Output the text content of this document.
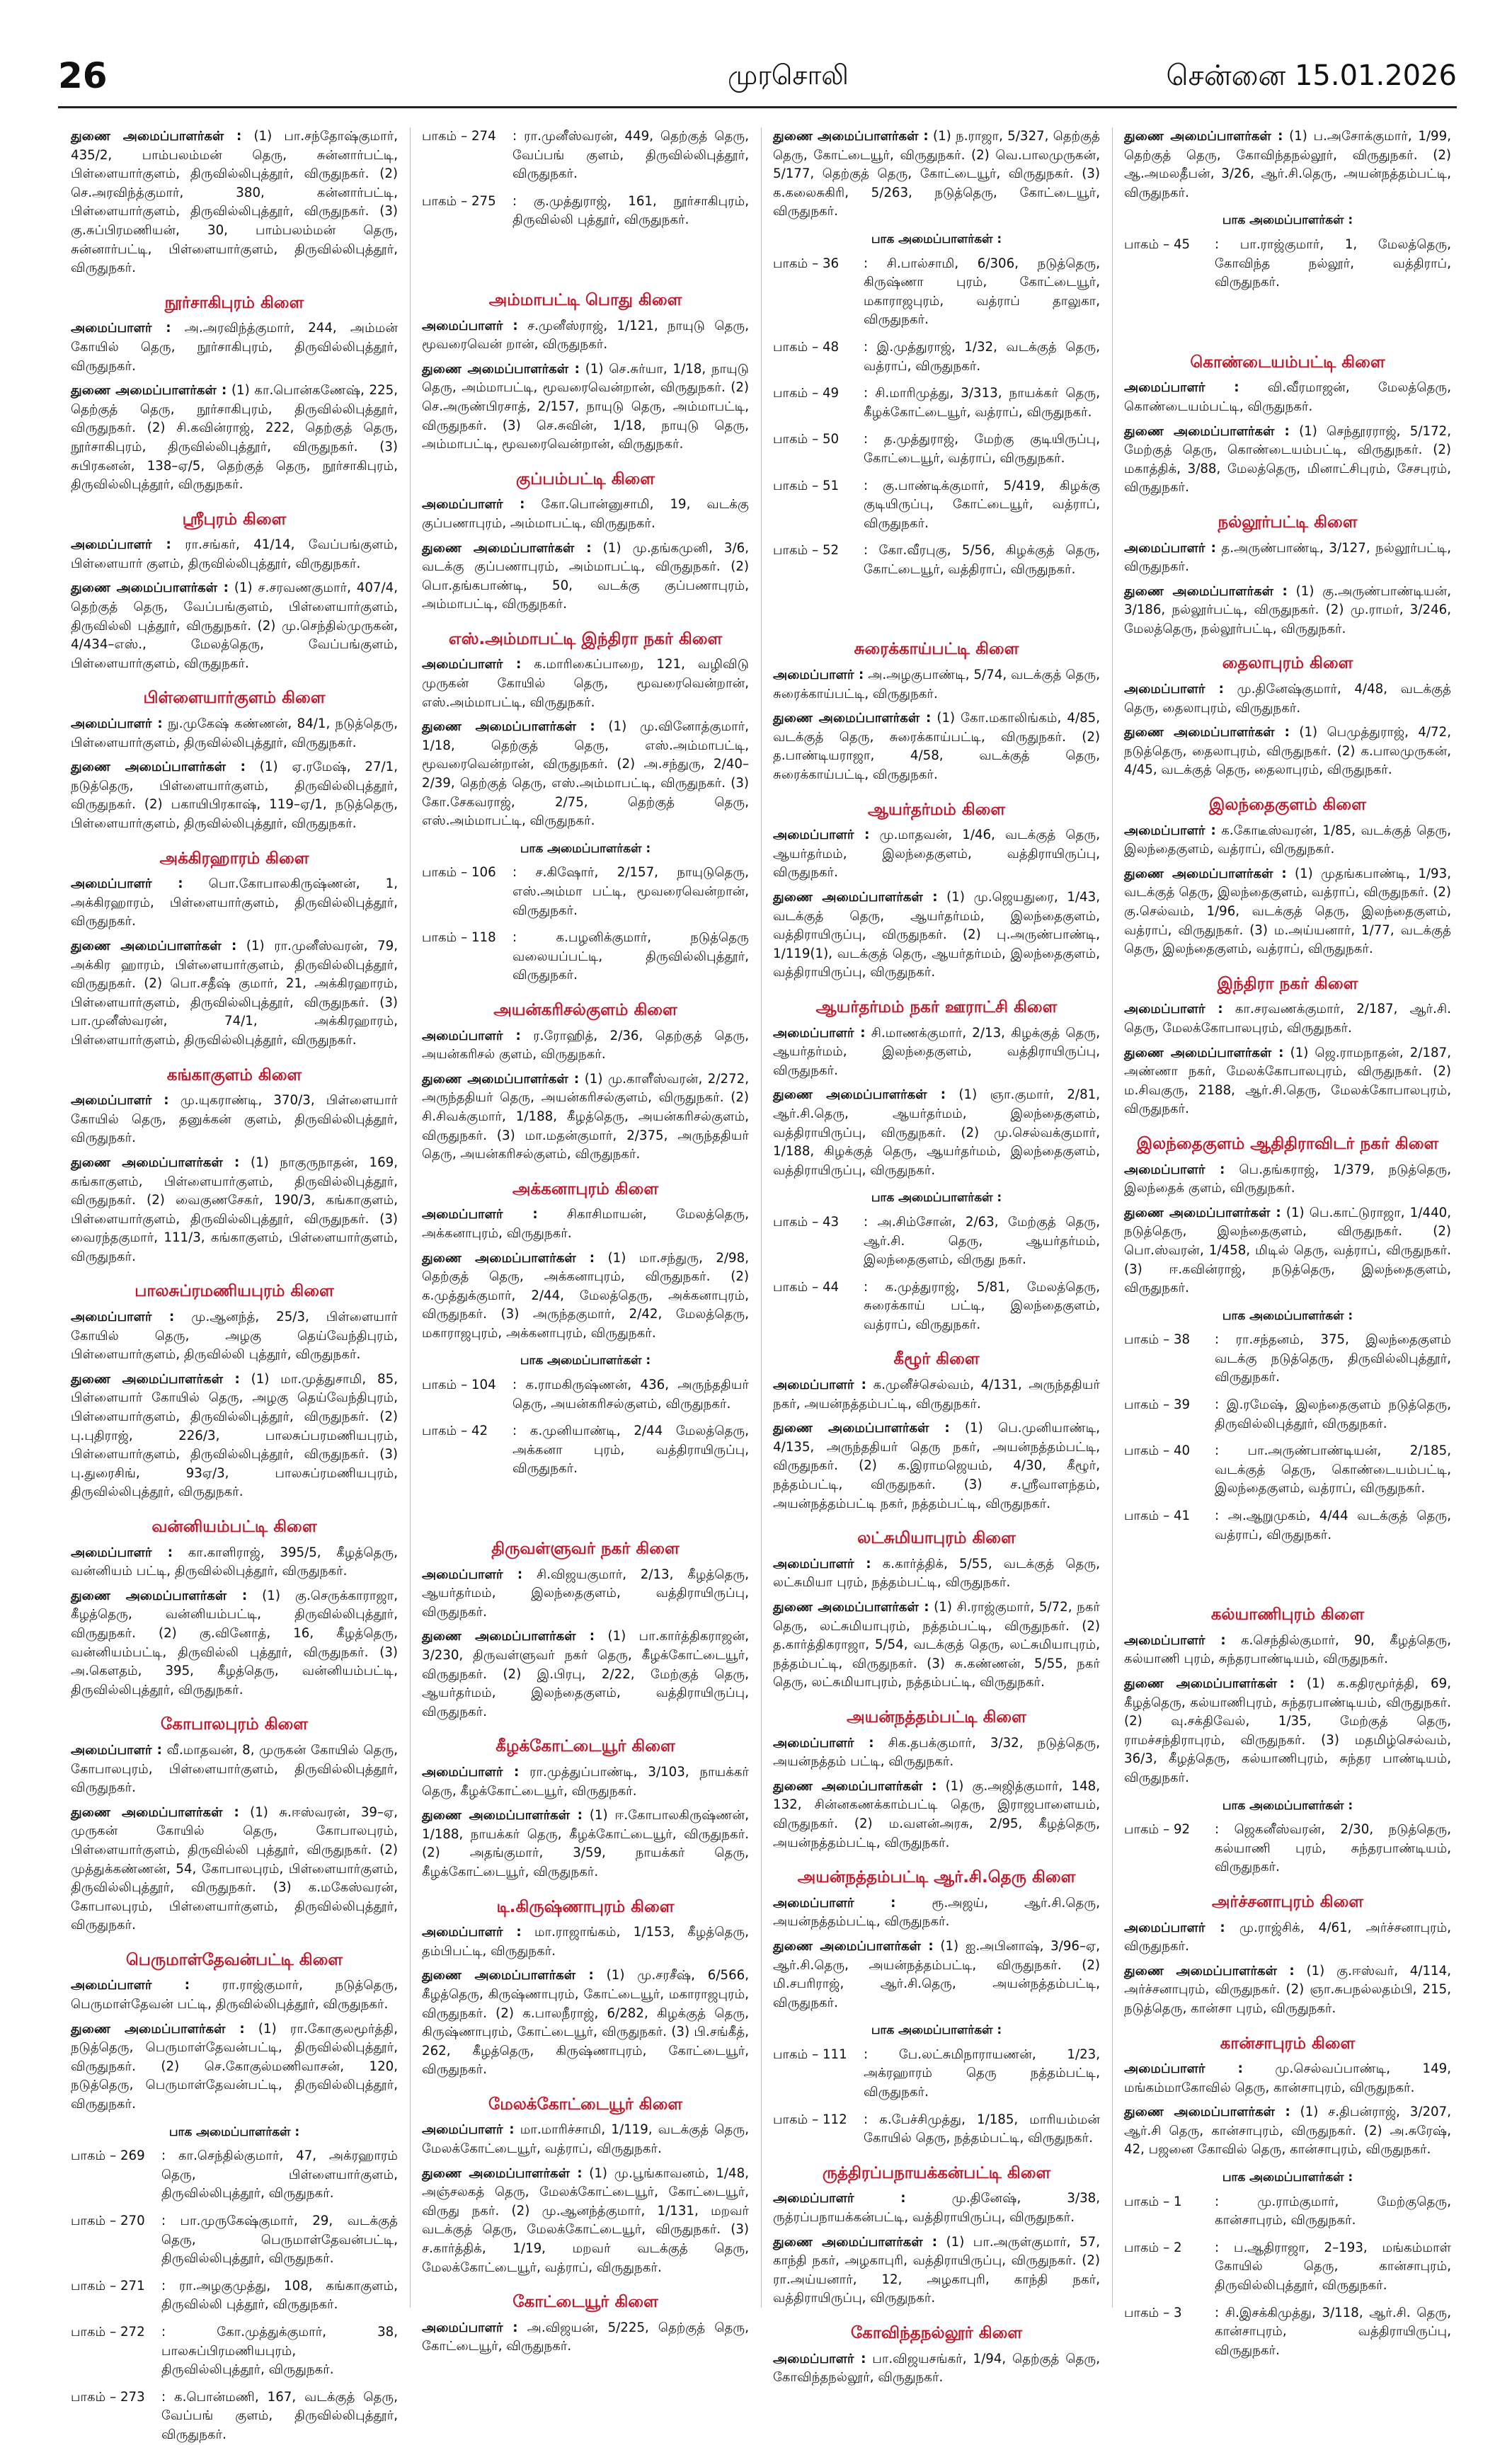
26	முரசொலி	சென்னை 15.01.2026

துணை அமைப்பாளர்கள் : (1) பா.சந்தோஷ்குமார், 435/2, பாம்பலம்மன் தெரு, சுன்னார்பட்டி, பிள்ளையார்குளம், திருவில்லிபுத்தூர், விருதுநகர். (2) செ.அரவிந்த்குமார், 380, கன்னார்பட்டி, பிள்ளையார்குளம், திருவில்லிபுத்தூர், விருதுநகர். (3) கு.சுப்பிரமணியன், 30, பாம்பலம்மன் தெரு, சுன்னார்பட்டி, பிள்ளையார்குளம், திருவில்லிபுத்தூர், விருதுநகர்.

நூர்சாகிபுரம் கிளை

அமைப்பாளர் : அ.அரவிந்த்குமார், 244, அம்மன் கோயில் தெரு, நூர்சாகிபுரம், திருவில்லிபுத்தூர், விருதுநகர்.

துணை அமைப்பாளர்கள் : (1) கா.பொன்கணேஷ், 225, தெற்குத் தெரு, நூர்சாகிபுரம், திருவில்லிபுத்தூர், விருதுநகர். (2) சி.கவின்ராஜ், 222, தெற்குத் தெரு, நூர்சாகிபுரம், திருவில்லிபுத்தூர், விருதுநகர். (3) சுபிரகனன், 138–ஏ/5, தெற்குத் தெரு, நூர்சாகிபுரம், திருவில்லிபுத்தூர், விருதுநகர்.

ஸ்ரீபுரம் கிளை

அமைப்பாளர் : ரா.சங்கர், 41/14, வேப்பங்குளம், பிள்ளையார் குளம், திருவில்லிபுத்தூர், விருதுநகர்.

துணை அமைப்பாளர்கள் : (1) ச.சரவணகுமார், 407/4, தெற்குத் தெரு, வேப்பங்குளம், பிள்ளையார்குளம், திருவில்லி புத்தூர், விருதுநகர். (2) மு.செந்தில்முருகன், 4/434–எஸ்., மேலத்தெரு, வேப்பங்குளம், பிள்ளையார்குளம், விருதுநகர்.

பிள்ளையார்குளம் கிளை

அமைப்பாளர் : நு.முகேஷ் கண்ணன், 84/1, நடுத்தெரு, பிள்ளையார்குளம், திருவில்லிபுத்தூர், விருதுநகர்.

துணை அமைப்பாளர்கள் : (1) ஏ.ரமேஷ், 27/1, நடுத்தெரு, பிள்ளையார்குளம், திருவில்லிபுத்தூர், விருதுநகர். (2) பகாயிபிரகாஷ், 119–ஏ/1, நடுத்தெரு, பிள்ளையார்குளம், திருவில்லிபுத்தூர், விருதுநகர்.

அக்கிரஹாரம் கிளை

அமைப்பாளர் : பொ.கோபாலகிருஷ்ணன், 1, அக்கிரஹாரம், பிள்ளையார்குளம், திருவில்லிபுத்தூர், விருதுநகர்.

துணை அமைப்பாளர்கள் : (1) ரா.முனீஸ்வரன், 79, அக்கிர ஹாரம், பிள்ளையார்குளம், திருவில்லிபுத்தூர், விருதுநகர். (2) பொ.சதீஷ் குமார், 21, அக்கிரஹாரம், பிள்ளையார்குளம், திருவில்லிபுத்தூர், விருதுநகர். (3) பா.முனீஸ்வரன், 74/1, அக்கிரஹாரம், பிள்ளையார்குளம், திருவில்லிபுத்தூர், விருதுநகர்.

கங்காகுளம் கிளை

அமைப்பாளர் : மு.யுகராண்டி, 370/3, பிள்ளையார் கோயில் தெரு, தனுக்கன் குளம், திருவில்லிபுத்தூர், விருதுநகர்.

துணை அமைப்பாளர்கள் : (1) நாகுருநாதன், 169, கங்காகுளம், பிள்ளையார்குளம், திருவில்லிபுத்தூர், விருதுநகர். (2) வைகுணசேகர், 190/3, கங்காகுளம், பிள்ளையார்குளம், திருவில்லிபுத்தூர், விருதுநகர். (3) வைரந்தகுமார், 111/3, கங்காகுளம், பிள்ளையார்குளம், விருதுநகர்.

பாலசுப்ரமணியபுரம் கிளை

அமைப்பாளர் : மு.ஆனந்த், 25/3, பிள்ளையார் கோயில் தெரு, அழகு தெய்வேந்திபுரம், பிள்ளையார்குளம், திருவில்லி புத்தூர், விருதுநகர்.

துணை அமைப்பாளர்கள் : (1) மா.முத்துசாமி, 85, பிள்ளையார் கோயில் தெரு, அழகு தெய்வேந்திபுரம், பிள்ளையார்குளம், திருவில்லிபுத்தூர், விருதுநகர். (2) பு.புதிராஜ், 226/3, பாலசுப்பரமணியபுரம், பிள்ளையார்குளம், திருவில்லிபுத்தூர், விருதுநகர். (3) பு.துரைசிங், 93ஏ/3, பாலசுப்ரமணியபுரம், திருவில்லிபுத்தூர், விருதுநகர்.

வன்னியம்பட்டி கிளை

அமைப்பாளர் : கா.காளிராஜ், 395/5, கீழத்தெரு, வன்னியம் பட்டி, திருவில்லிபுத்தூர், விருதுநகர்.

துணை அமைப்பாளர்கள் : (1) கு.செருக்காராஜா, கீழத்தெரு, வன்னியம்பட்டி, திருவில்லிபுத்தூர், விருதுநகர். (2) கு.வினோத், 16, கீழத்தெரு, வன்னியம்பட்டி, திருவில்லி புத்தூர், விருதுநகர். (3) அ.கௌதம், 395, கீழத்தெரு, வன்னியம்பட்டி, திருவில்லிபுத்தூர், விருதுநகர்.

கோபாலபுரம் கிளை

அமைப்பாளர் : வீ.மாதவன், 8, முருகன் கோயில் தெரு, கோபாலபுரம், பிள்ளையார்குளம், திருவில்லிபுத்தூர், விருதுநகர்.

துணை அமைப்பாளர்கள் : (1) சு.ஈஸ்வரன், 39–ஏ, முருகன் கோயில் தெரு, கோபாலபுரம், பிள்ளையார்குளம், திருவில்லி புத்தூர், விருதுநகர். (2) முத்துக்கண்ணன், 54, கோபாலபுரம், பிள்ளையார்குளம், திருவில்லிபுத்தூர், விருதுநகர். (3) க.மகேஸ்வரன், கோபாலபுரம், பிள்ளையார்குளம், திருவில்லிபுத்தூர், விருதுநகர்.

பெருமாள்தேவன்பட்டி கிளை

அமைப்பாளர் :	ரா.ராஜ்குமார், நடுத்தெரு, பெருமாள்தேவன் பட்டி, திருவில்லிபுத்தூர், விருதுநகர்.

துணை அமைப்பாளர்கள் : (1) ரா.கோகுலமூர்த்தி, நடுத்தெரு, பெருமாள்தேவன்பட்டி, திருவில்லிபுத்தூர், விருதுநகர். (2) செ.கோகுல்மணிவாசன், 120, நடுத்தெரு, பெருமாள்தேவன்பட்டி, திருவில்லிபுத்தூர், விருதுநகர்.

பாக அமைப்பாளர்கள் :
பாகம் – 269	: கா.செந்தில்குமார், 47, அக்ரஹாரம் தெரு, பிள்ளையார்குளம், திருவில்லிபுத்தூர், விருதுநகர்.
பாகம் – 270	: பா.முருகேஷ்குமார், 29, வடக்குத் தெரு, பெருமாள்தேவன்பட்டி, திருவில்லிபுத்தூர், விருதுநகர்.
பாகம் – 271	: ரா.அழகுமுத்து, 108, கங்காகுளம், திருவில்லி புத்தூர், விருதுநகர்.
பாகம் – 272	: கோ.முத்துக்குமார், 38, பாலசுப்பிரமணியபுரம், திருவில்லிபுத்தூர், விருதுநகர்.
பாகம் – 273	: க.பொன்மணி, 167, வடக்குத் தெரு, வேப்பங் குளம், திருவில்லிபுத்தூர், விருதுநகர்.
பாகம் – 274	: ரா.முனீஸ்வரன், 449, தெற்குத் தெரு, வேப்பங் குளம், திருவில்லிபுத்தூர், விருதுநகர்.
பாகம் – 275	: கு.முத்துராஜ், 161, நூர்சாகிபுரம், திருவில்லி புத்தூர், விருதுநகர்.
அம்மாபட்டி பொது கிளை

அமைப்பாளர் : ச.முனீஸ்ராஜ், 1/121, நாயுடு தெரு, மூவரைவென் றான், விருதுநகர்.

துணை அமைப்பாளர்கள் : (1) செ.சுர்யா, 1/18, நாயுடு தெரு, அம்மாபட்டி, மூவரைவென்றான், விருதுநகர். (2) செ.அருண்பிரசாத், 2/157, நாயுடு தெரு, அம்மாபட்டி, விருதுநகர். (3) செ.சுவின், 1/18, நாயுடு தெரு, அம்மாபட்டி, மூவரைவென்றான், விருதுநகர்.

குப்பம்பட்டி கிளை

அமைப்பாளர் : கோ.பொன்னுசாமி, 19, வடக்கு குப்பணாபுரம், அம்மாபட்டி, விருதுநகர்.

துணை அமைப்பாளர்கள் : (1) மு.தங்கமுனி, 3/6, வடக்கு குப்பணாபுரம், அம்மாபட்டி, விருதுநகர். (2) பொ.தங்கபாண்டி, 50, வடக்கு குப்பணாபுரம், அம்மாபட்டி, விருதுநகர்.

எஸ்.அம்மாபட்டி இந்திரா நகர் கிளை

அமைப்பாளர் : க.மாரிகைப்பாறை, 121, வழிவிடு முருகன் கோயில் தெரு, மூவரைவென்றான், எஸ்.அம்மாபட்டி, விருதுநகர்.

துணை அமைப்பாளர்கள் : (1) மு.வினோத்குமார், 1/18, தெற்குத் தெரு, எஸ்.அம்மாபட்டி, மூவரைவென்றான், விருதுநகர். (2) அ.சந்துரு, 2/40–2/39, தெற்குத் தெரு, எஸ்.அம்மாபட்டி, விருதுநகர். (3) கோ.சேகவராஜ், 2/75, தெற்குத் தெரு, எஸ்.அம்மாபட்டி, விருதுநகர்.

பாக அமைப்பாளர்கள் :
பாகம் – 106	: ச.கிஷோர், 2/157, நாயுடுதெரு, எஸ்.அம்மா பட்டி, மூவரைவென்றான், விருதுநகர்.
பாகம் – 118	: க.பழனிக்குமார், நடுத்தெரு வலையப்பட்டி, திருவில்லிபுத்தூர், விருதுநகர்.
அயன்கரிசல்குளம் கிளை

அமைப்பாளர் : ர.ரோஹித், 2/36, தெற்குத் தெரு, அயன்கரிசல் குளம், விருதுநகர்.

துணை அமைப்பாளர்கள் : (1) மு.காளீஸ்வரன், 2/272, அருந்ததியர் தெரு, அயன்கரிசல்குளம், விருதுநகர். (2) சி.சிவக்குமார், 1/188, கீழத்தெரு, அயன்கரிசல்குளம், விருதுநகர். (3) மா.மதன்குமார், 2/375, அருந்ததியர் தெரு, அயன்கரிசல்குளம், விருதுநகர்.

அக்கனாபுரம் கிளை

அமைப்பாளர் : சிகாசிமாயன், மேலத்தெரு, அக்கனாபுரம், விருதுநகர்.

துணை அமைப்பாளர்கள் : (1) மா.சந்துரு, 2/98, தெற்குத் தெரு, அக்கனாபுரம், விருதுநகர். (2) க.முத்துக்குமார், 2/44, மேலத்தெரு, அக்கனாபுரம், விருதுநகர். (3) அருந்தகுமார், 2/42, மேலத்தெரு, மகாராஜபுரம், அக்கனாபுரம், விருதுநகர்.

பாக அமைப்பாளர்கள் :
பாகம் – 104	: க.ராமகிருஷ்ணன், 436, அருந்ததியர் தெரு, அயன்கரிசல்குளம், விருதுநகர்.
பாகம் – 42	: க.முனியாண்டி, 2/44 மேலத்தெரு, அக்கனா புரம், வத்திராயிருப்பு, விருதுநகர்.
திருவள்ளுவர் நகர் கிளை

அமைப்பாளர் : சி.விஜயகுமார், 2/13, கீழத்தெரு, ஆயர்தர்மம், இலந்தைகுளம், வத்திராயிருப்பு, விருதுநகர்.

துணை அமைப்பாளர்கள் : (1) பா.கார்த்திகராஜன், 3/230, திருவள்ளுவர் நகர் தெரு, கீழக்கோட்டையூர், விருதுநகர். (2) இ.பிரபு, 2/22, மேற்குத் தெரு, ஆயர்தர்மம், இலந்தைகுளம், வத்திராயிருப்பு, விருதுநகர்.

கீழக்கோட்டையூர் கிளை

அமைப்பாளர் : ரா.முத்துப்பாண்டி, 3/103, நாயக்கர் தெரு, கீழக்கோட்டையூர், விருதுநகர்.

துணை அமைப்பாளர்கள் : (1) ஈ.கோபாலகிருஷ்ணன், 1/188, நாயக்கர் தெரு, கீழக்கோட்டையூர், விருதுநகர். (2) அதங்குமார், 3/59, நாயக்கர் தெரு, கீழக்கோட்டையூர், விருதுநகர்.

டி.கிருஷ்ணாபுரம் கிளை

அமைப்பாளர் : மா.ராஜாங்கம், 1/153, கீழத்தெரு, தம்பிபட்டி, விருதுநகர்.

துணை அமைப்பாளர்கள் : (1) மு.சரசீஷ், 6/566, கீழத்தெரு, கிருஷ்ணாபுரம், கோட்டையூர், மகாராஜபுரம், விருதுநகர். (2) க.பாலநீராஜ், 6/282, கிழக்குத் தெரு, கிருஷ்ணாபுரம், கோட்டையூர், விருதுநகர். (3) பி.சங்கீத், 262, கீழத்தெரு, கிருஷ்ணாபுரம், கோட்டையூர், விருதுநகர்.

மேலக்கோட்டையூர் கிளை

அமைப்பாளர் : மா.மாரிச்சாமி, 1/119, வடக்குத் தெரு, மேலக்கோட்டையூர், வத்ராப், விருதுநகர்.

துணை அமைப்பாளர்கள் : (1) மு.பூங்காவனம், 1/48, அஞ்சலகத் தெரு, மேலக்கோட்டையூர், கோட்டையூர், விருது நகர். (2) மு.ஆனந்த்குமார், 1/131, மறவர் வடக்குத் தெரு, மேலக்கோட்டையூர், விருதுநகர். (3) ச.கார்த்திக், 1/19, மறவர் வடக்குத் தெரு, மேலக்கோட்டையூர், வத்ராப், விருதுநகர்.

கோட்டையூர் கிளை

அமைப்பாளர் : அ.விஜயன், 5/225, தெற்குத் தெரு, கோட்டையூர், விருதுநகர்.

துணை அமைப்பாளர்கள் : (1) ந.ராஜா, 5/327, தெற்குத் தெரு, கோட்டையூர், விருதுநகர். (2) வெ.பாலமுருகன், 5/177, தெற்குத் தெரு, கோட்டையூர், விருதுநகர். (3) க.கலைசுகிரி, 5/263, நடுத்தெரு, கோட்டையூர், விருதுநகர்.

பாக அமைப்பாளர்கள் :
பாகம் – 36	: சி.பால்சாமி, 6/306, நடுத்தெரு, கிருஷ்ணா புரம், கோட்டையூர், மகாராஜபுரம், வத்ராப் தாலுகா, விருதுநகர்.
பாகம் – 48	: இ.முத்துராஜ், 1/32, வடக்குத் தெரு, வத்ராப், விருதுநகர்.
பாகம் – 49	: சி.மாரிமுத்து, 3/313, நாயக்கர் தெரு, கீழக்கோட்டையூர், வத்ராப், விருதுநகர்.
பாகம் – 50	: த.முத்துராஜ், மேற்கு குடியிருப்பு, கோட்டையூர், வத்ராப், விருதுநகர்.
பாகம் – 51	: கு.பாண்டிக்குமார், 5/419, கிழக்கு குடியிருப்பு, கோட்டையூர், வத்ராப், விருதுநகர்.
பாகம் – 52	: கோ.வீரபுகு, 5/56, கிழக்குத் தெரு, கோட்டையூர், வத்திராப், விருதுநகர்.
சுரைக்காய்பட்டி கிளை

அமைப்பாளர் : அ.அழகுபாண்டி, 5/74, வடக்குத் தெரு, சுரைக்காய்பட்டி, விருதுநகர்.

துணை அமைப்பாளர்கள் : (1) கோ.மகாலிங்கம், 4/85, வடக்குத் தெரு, சுரைக்காய்பட்டி, விருதுநகர். (2) த.பாண்டியராஜா, 4/58, வடக்குத் தெரு, சுரைக்காய்பட்டி, விருதுநகர்.

ஆயர்தர்மம் கிளை

அமைப்பாளர் : மு.மாதவன், 1/46, வடக்குத் தெரு, ஆயர்தர்மம், இலந்தைகுளம், வத்திராயிருப்பு, விருதுநகர்.

துணை அமைப்பாளர்கள் : (1) மு.ஜெயதுரை, 1/43, வடக்குத் தெரு, ஆயர்தர்மம், இலந்தைகுளம், வத்திராயிருப்பு, விருதுநகர். (2) பு.அருண்பாண்டி, 1/119(1), வடக்குத் தெரு, ஆயர்தர்மம், இலந்தைகுளம், வத்திராயிருப்பு, விருதுநகர்.

ஆயர்தர்மம் நகர் ஊராட்சி கிளை

அமைப்பாளர் : சி.மாணக்குமார், 2/13, கிழக்குத் தெரு, ஆயர்தர்மம், இலந்தைகுளம், வத்திராயிருப்பு, விருதுநகர்.

துணை அமைப்பாளர்கள் : (1) ஞா.குமார், 2/81, ஆர்.சி.தெரு, ஆயர்தர்மம், இலந்தைகுளம், வத்திராயிருப்பு, விருதுநகர். (2) மு.செல்வக்குமார், 1/188, கிழக்குத் தெரு, ஆயர்தர்மம், இலந்தைகுளம், வத்திராயிருப்பு, விருதுநகர்.

பாக அமைப்பாளர்கள் :
பாகம் – 43	: அ.சிம்சோன், 2/63, மேற்குத் தெரு, ஆர்.சி. தெரு, ஆயர்தர்மம், இலந்தைகுளம், விருது நகர்.
பாகம் – 44	: க.முத்துராஜ், 5/81, மேலத்தெரு, சுரைக்காய் பட்டி, இலந்தைகுளம், வத்ராப், விருதுநகர்.
கீழூர் கிளை

அமைப்பாளர் : க.முனீச்செல்வம், 4/131, அருந்ததியர் நகர், அயன்நத்தம்பட்டி, விருதுநகர்.

துணை அமைப்பாளர்கள் : (1) பெ.முனியாண்டி, 4/135, அருந்ததியர் தெரு நகர், அயன்நத்தம்பட்டி, விருதுநகர். (2) க.இராமஜெயம், 4/30, கீழூர், நத்தம்பட்டி, விருதுநகர். (3) ச.ஸ்ரீவாளந்தம், அயன்நத்தம்பட்டி நகர், நத்தம்பட்டி, விருதுநகர்.

லட்சுமியாபுரம் கிளை

அமைப்பாளர் : க.கார்த்திக், 5/55, வடக்குத் தெரு, லட்சுமியா புரம், நத்தம்பட்டி, விருதுநகர்.

துணை அமைப்பாளர்கள் : (1) சி.ராஜ்குமார், 5/72, நகர் தெரு, லட்சுமியாபுரம், நத்தம்பட்டி, விருதுநகர். (2) த.கார்த்திகராஜா, 5/54, வடக்குத் தெரு, லட்சுமியாபுரம், நத்தம்பட்டி, விருதுநகர். (3) சு.கண்ணன், 5/55, நகர் தெரு, லட்சுமியாபுரம், நத்தம்பட்டி, விருதுநகர்.

அயன்நத்தம்பட்டி கிளை

அமைப்பாளர் : சிக.தபக்குமார், 3/32, நடுத்தெரு, அயன்நத்தம் பட்டி, விருதுநகர்.

துணை அமைப்பாளர்கள் : (1) கு.அஜித்குமார், 148, 132, சின்னகணக்காம்பட்டி தெரு, இராஜபாளையம், விருதுநகர். (2) ம.வளன்அரசு, 2/95, கீழத்தெரு, அயன்நத்தம்பட்டி, விருதுநகர்.

அயன்நத்தம்பட்டி ஆர்.சி.தெரு கிளை

அமைப்பாளர் :	ரூ.அஜய், ஆர்.சி.தெரு, அயன்நத்தம்பட்டி, விருதுநகர்.

துணை அமைப்பாளர்கள் : (1) ஐ.அபினாஷ், 3/96–ஏ, ஆர்.சி.தெரு, அயன்நத்தம்பட்டி, விருதுநகர். (2) மி.சபரிராஜ், ஆர்.சி.தெரு, அயன்நத்தம்பட்டி, விருதுநகர்.

பாக அமைப்பாளர்கள் :
பாகம் – 111	: பே.லட்சுமிநாராயணன், 1/23, அக்ரஹாரம் தெரு நத்தம்பட்டி, விருதுநகர்.
பாகம் – 112	: க.பேச்சிமுத்து, 1/185, மாரியம்மன் கோயில் தெரு, நத்தம்பட்டி, விருதுநகர்.
ருத்திரப்பநாயக்கன்பட்டி கிளை

அமைப்பாளர் :	மு.தினேஷ், 3/38, ருத்ரப்பநாயக்கன்பட்டி, வத்திராயிருப்பு, விருதுநகர்.

துணை அமைப்பாளர்கள் : (1) பா.அருள்குமார், 57, காந்தி நகர், அழகாபுரி, வத்திராயிருப்பு, விருதுநகர். (2) ரா.அய்யனார், 12, அழகாபுரி, காந்தி நகர், வத்திராயிருப்பு, விருதுநகர்.

கோவிந்தநல்லூர் கிளை

அமைப்பாளர் : பா.விஜயசங்கர், 1/94, தெற்குத் தெரு, கோவிந்தநல்லூர், விருதுநகர்.

துணை அமைப்பாளர்கள் : (1) ப.அசோக்குமார், 1/99, தெற்குத் தெரு, கோவிந்தநல்லூர், விருதுநகர். (2) ஆ.அமலதீபன், 3/26, ஆர்.சி.தெரு, அயன்நத்தம்பட்டி, விருதுநகர்.

பாக அமைப்பாளர்கள் :
பாகம் – 45	: பா.ராஜ்குமார், 1, மேலத்தெரு, கோவிந்த நல்லூர், வத்திராப், விருதுநகர்.
கொண்டையம்பட்டி கிளை

அமைப்பாளர் : வி.வீரமாஜன், மேலத்தெரு, கொண்டையம்பட்டி, விருதுநகர்.

துணை அமைப்பாளர்கள் : (1) செந்தூரராஜ், 5/172, மேற்குத் தெரு, கொண்டையம்பட்டி, விருதுநகர். (2) மகாத்திக், 3/88, மேலத்தெரு, மினாட்சிபுரம், சேசபுரம், விருதுநகர்.

நல்லூர்பட்டி கிளை

அமைப்பாளர் : த.அருண்பாண்டி, 3/127, நல்லூர்பட்டி, விருதுநகர்.

துணை அமைப்பாளர்கள் : (1) கு.அருண்பாண்டியன், 3/186, நல்லூர்பட்டி, விருதுநகர். (2) மு.ராமர், 3/246, மேலத்தெரு, நல்லூர்பட்டி, விருதுநகர்.

தைலாபுரம் கிளை

அமைப்பாளர் : மு.தினேஷ்குமார், 4/48, வடக்குத் தெரு, தைலாபுரம், விருதுநகர்.

துணை அமைப்பாளர்கள் : (1) பெமுத்துராஜ், 4/72, நடுத்தெரு, தைலாபுரம், விருதுநகர். (2) க.பாலமுருகன், 4/45, வடக்குத் தெரு, தைலாபுரம், விருதுநகர்.

இலந்தைகுளம் கிளை

அமைப்பாளர் : க.கோடீஸ்வரன், 1/85, வடக்குத் தெரு, இலந்தைகுளம், வத்ராப், விருதுநகர்.

துணை அமைப்பாளர்கள் : (1) முதங்கபாண்டி, 1/93, வடக்குத் தெரு, இலந்தைகுளம், வத்ராப், விருதுநகர். (2) கு.செல்வம், 1/96, வடக்குத் தெரு, இலந்தைகுளம், வத்ராப், விருதுநகர். (3) ம.அய்யனார், 1/77, வடக்குத் தெரு, இலந்தைகுளம், வத்ராப், விருதுநகர்.

இந்திரா நகர் கிளை

அமைப்பாளர் : கா.சரவணக்குமார், 2/187, ஆர்.சி. தெரு, மேலக்கோபாலபுரம், விருதுநகர்.

துணை அமைப்பாளர்கள் : (1) ஜெ.ராமநாதன், 2/187, அண்ணா நகர், மேலக்கோபாலபுரம், விருதுநகர். (2) ம.சிவகுரு, 2188, ஆர்.சி.தெரு, மேலக்கோபாலபுரம், விருதுநகர்.

இலந்தைகுளம் ஆதிதிராவிடர் நகர் கிளை

அமைப்பாளர் : பெ.தங்கராஜ், 1/379, நடுத்தெரு, இலந்தைக் குளம், விருதுநகர்.

துணை அமைப்பாளர்கள் : (1) பெ.காட்டுராஜா, 1/440, நடுத்தெரு, இலந்தைகுளம், விருதுநகர். (2) பொ.ஸ்வரன், 1/458, மிடில் தெரு, வத்ராப், விருதுநகர். (3) ஈ.கவின்ராஜ், நடுத்தெரு, இலந்தைகுளம், விருதுநகர்.

பாக அமைப்பாளர்கள் :
பாகம் – 38	: ரா.சந்தனம், 375, இலந்தைகுளம் வடக்கு நடுத்தெரு, திருவில்லிபுத்தூர், விருதுநகர்.
பாகம் – 39	: இ.ரமேஷ், இலந்தைகுளம் நடுத்தெரு, திருவில்லிபுத்தூர், விருதுநகர்.
பாகம் – 40	: பா.அருண்பாண்டியன், 2/185, வடக்குத் தெரு, கொண்டையம்பட்டி, இலந்தைகுளம், வத்ராப், விருதுநகர்.
பாகம் – 41	: அ.ஆறுமுகம், 4/44 வடக்குத் தெரு, வத்ராப், விருதுநகர்.
கல்யாணிபுரம் கிளை

அமைப்பாளர் : க.செந்தில்குமார், 90, கீழத்தெரு, கல்யாணி புரம், சுந்தரபாண்டியம், விருதுநகர்.

துணை அமைப்பாளர்கள் : (1) க.கதிரமூர்த்தி, 69, கீழத்தெரு, கல்யாணிபுரம், சுந்தரபாண்டியம், விருதுநகர். (2) வு.சக்திவேல், 1/35, மேற்குத் தெரு, ராமச்சந்திராபுரம், விருதுநகர். (3) மதமிழ்செல்வம், 36/3, கீழத்தெரு, கல்யாணிபுரம், சுந்தர பாண்டியம், விருதுநகர்.

பாக அமைப்பாளர்கள் :
பாகம் – 92	: ஜெகனீஸ்வரன், 2/30, நடுத்தெரு, கல்யாணி புரம், சுந்தரபாண்டியம், விருதுநகர்.
அர்ச்சனாபுரம் கிளை

அமைப்பாளர் : மு.ராஜ்சிக், 4/61, அர்ச்சனாபுரம், விருதுநகர்.

துணை அமைப்பாளர்கள் : (1) கு.ஈஸ்வர், 4/114, அர்ச்சனாபுரம், விருதுநகர். (2) ஞா.சுபநல்லதம்பி, 215, நடுத்தெரு, கான்சா புரம், விருதுநகர்.

கான்சாபுரம் கிளை

அமைப்பாளர் : மு.செல்வப்பாண்டி, 149, மங்கம்மாகோவில் தெரு, கான்சாபுரம், விருதுநகர்.

துணை அமைப்பாளர்கள் : (1) ச.திபன்ராஜ், 3/207, ஆர்.சி தெரு, கான்சாபுரம், விருதுநகர். (2) அ.சுரேஷ், 42, பஜனை கோவில் தெரு, கான்சாபுரம், விருதுநகர்.

பாக அமைப்பாளர்கள் :
பாகம் – 1	: மு.ராம்குமார், மேற்குதெரு, கான்சாபுரம், விருதுநகர்.
பாகம் – 2	: ப.ஆதிராஜா, 2–193, மங்கம்மாள் கோயில் தெரு, கான்சாபுரம், திருவில்லிபுத்தூர், விருதுநகர்.
பாகம் – 3	: சி.இசக்கிமுத்து, 3/118, ஆர்.சி. தெரு, கான்சாபுரம், வத்திராயிருப்பு, விருதுநகர்.
